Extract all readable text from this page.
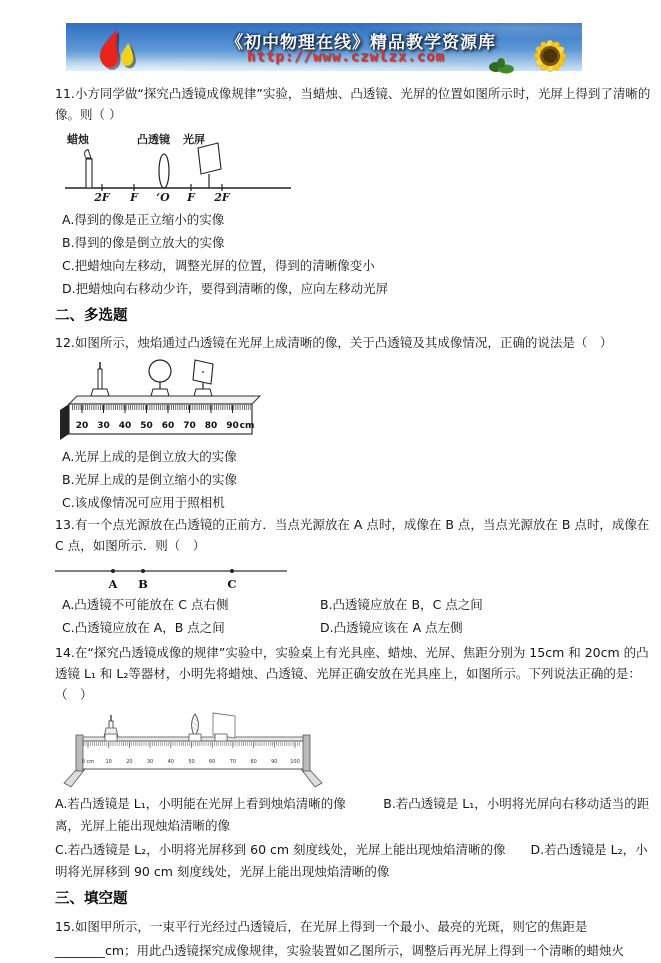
《初中物理在线》精品教学资源库
http://www.czwlzx.com

11.小方同学做“探究凸透镜成像规律”实验，当蜡烛、凸透镜、光屏的位置如图所示时，光屏上得到了清晰的像。则（ ）

蜡烛	凸透镜 光屏
2F F ‘O F 2F
A.得到的像是正立缩小的实像
B.得到的像是倒立放大的实像
C.把蜡烛向左移动，调整光屏的位置，得到的清晰像变小
D.把蜡烛向右移动少许，要得到清晰的像，应向左移动光屏
二、多选题

12.如图所示，烛焰通过凸透镜在光屏上成清晰的像，关于凸透镜及其成像情况，正确的说法是（　）

20 30 40 50 60 70 80 90 cm
A.光屏上成的是倒立放大的实像
B.光屏上成的是倒立缩小的实像
C.该成像情况可应用于照相机

13.有一个点光源放在凸透镜的正前方．当点光源放在 A 点时，成像在 B 点，当点光源放在 B 点时，成像在 C 点，如图所示．则（　）

A B	C
A.凸透镜不可能放在 C 点右侧	B.凸透镜应放在 B，C 点之间
C.凸透镜应放在 A，B 点之间	D.凸透镜应该在 A 点左侧

14.在“探究凸透镜成像的规律”实验中，实验桌上有光具座、蜡烛、光屏、焦距分别为 15cm 和 20cm 的凸透镜 L₁ 和 L₂等器材，小明先将蜡烛、凸透镜、光屏正确安放在光具座上，如图所示。下列说法正确的是：（　）

0 cm 10	20	30	40	50	60	70	80	90	100

A.若凸透镜是 L₁，小明能在光屏上看到烛焰清晰的像　　　B.若凸透镜是 L₁，小明将光屏向右移动适当的距离，光屏上能出现烛焰清晰的像

C.若凸透镜是 L₂，小明将光屏移到 60 cm 刻度线处，光屏上能出现烛焰清晰的像　　D.若凸透镜是 L₂，小明将光屏移到 90 cm 刻度线处，光屏上能出现烛焰清晰的像

三、填空题
15.如图甲所示，一束平行光经过凸透镜后，在光屏上得到一个最小、最亮的光斑，则它的焦距是
________cm；用此凸透镜探究成像规律，实验装置如乙图所示，调整后再光屏上得到一个清晰的蜡烛火
